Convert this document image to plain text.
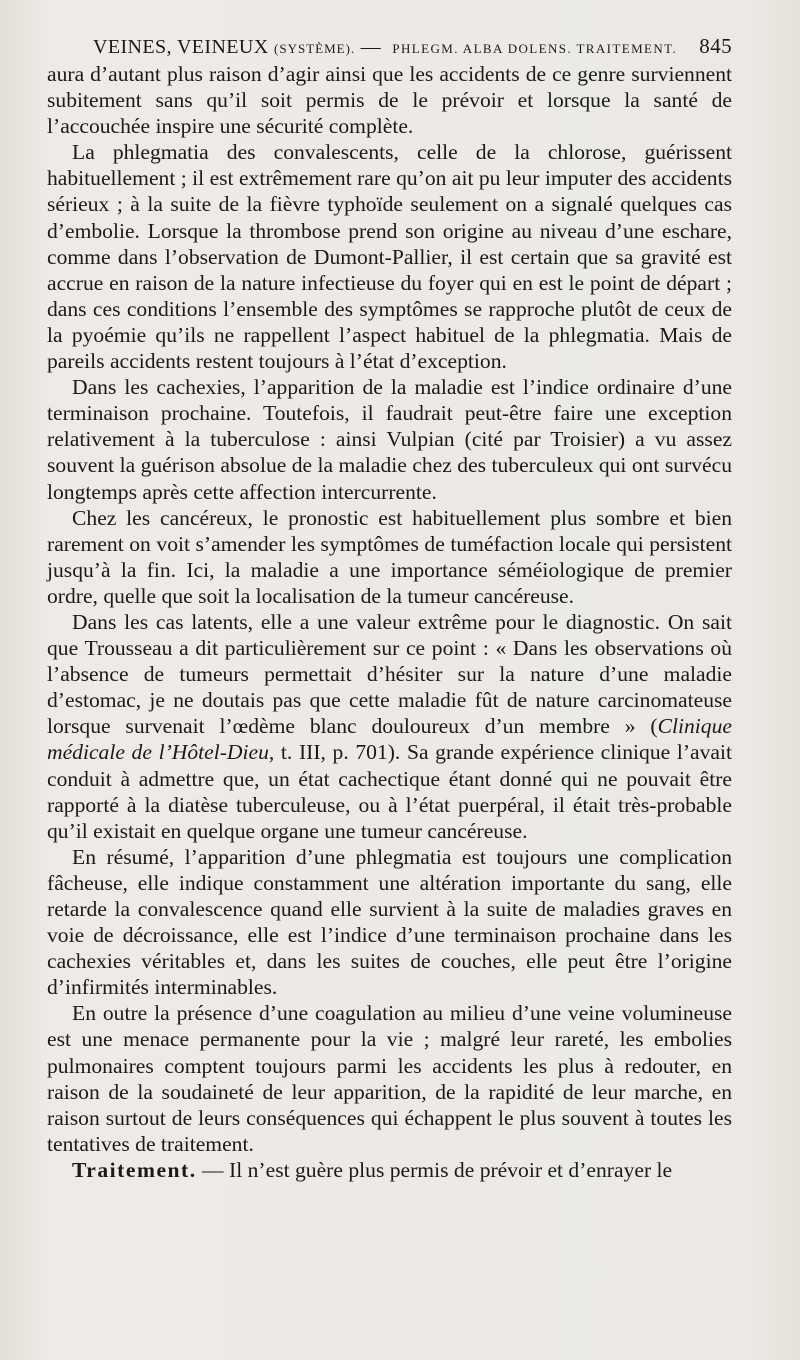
VEINES, VEINEUX (SYSTÈME). — PHLEGM. ALBA DOLENS. TRAITEMENT. 845

aura d’autant plus raison d’agir ainsi que les accidents de ce genre surviennent subitement sans qu’il soit permis de le prévoir et lorsque la santé de l’accouchée inspire une sécurité complète.

La phlegmatia des convalescents, celle de la chlorose, guérissent habituellement ; il est extrêmement rare qu’on ait pu leur imputer des accidents sérieux ; à la suite de la fièvre typhoïde seulement on a signalé quelques cas d’embolie. Lorsque la thrombose prend son origine au niveau d’une eschare, comme dans l’observation de Dumont-Pallier, il est certain que sa gravité est accrue en raison de la nature infectieuse du foyer qui en est le point de départ ; dans ces conditions l’ensemble des symptômes se rapproche plutôt de ceux de la pyoémie qu’ils ne rappellent l’aspect habituel de la phlegmatia. Mais de pareils accidents restent toujours à l’état d’exception.

Dans les cachexies, l’apparition de la maladie est l’indice ordinaire d’une terminaison prochaine. Toutefois, il faudrait peut-être faire une exception relativement à la tuberculose : ainsi Vulpian (cité par Troisier) a vu assez souvent la guérison absolue de la maladie chez des tuberculeux qui ont survécu longtemps après cette affection intercurrente.

Chez les cancéreux, le pronostic est habituellement plus sombre et bien rarement on voit s’amender les symptômes de tuméfaction locale qui persistent jusqu’à la fin. Ici, la maladie a une importance séméiologique de premier ordre, quelle que soit la localisation de la tumeur cancéreuse.

Dans les cas latents, elle a une valeur extrême pour le diagnostic. On sait que Trousseau a dit particulièrement sur ce point : « Dans les observations où l’absence de tumeurs permettait d’hésiter sur la nature d’une maladie d’estomac, je ne doutais pas que cette maladie fût de nature carcinomateuse lorsque survenait l’œdème blanc douloureux d’un membre » (Clinique médicale de l’Hôtel-Dieu, t. III, p. 701). Sa grande expérience clinique l’avait conduit à admettre que, un état cachectique étant donné qui ne pouvait être rapporté à la diatèse tuberculeuse, ou à l’état puerpéral, il était très-probable qu’il existait en quelque organe une tumeur cancéreuse.

En résumé, l’apparition d’une phlegmatia est toujours une complication fâcheuse, elle indique constamment une altération importante du sang, elle retarde la convalescence quand elle survient à la suite de maladies graves en voie de décroissance, elle est l’indice d’une terminaison prochaine dans les cachexies véritables et, dans les suites de couches, elle peut être l’origine d’infirmités interminables.

En outre la présence d’une coagulation au milieu d’une veine volumineuse est une menace permanente pour la vie ; malgré leur rareté, les embolies pulmonaires comptent toujours parmi les accidents les plus à redouter, en raison de la soudaineté de leur apparition, de la rapidité de leur marche, en raison surtout de leurs conséquences qui échappent le plus souvent à toutes les tentatives de traitement.

Traitement. — Il n’est guère plus permis de prévoir et d’enrayer le
